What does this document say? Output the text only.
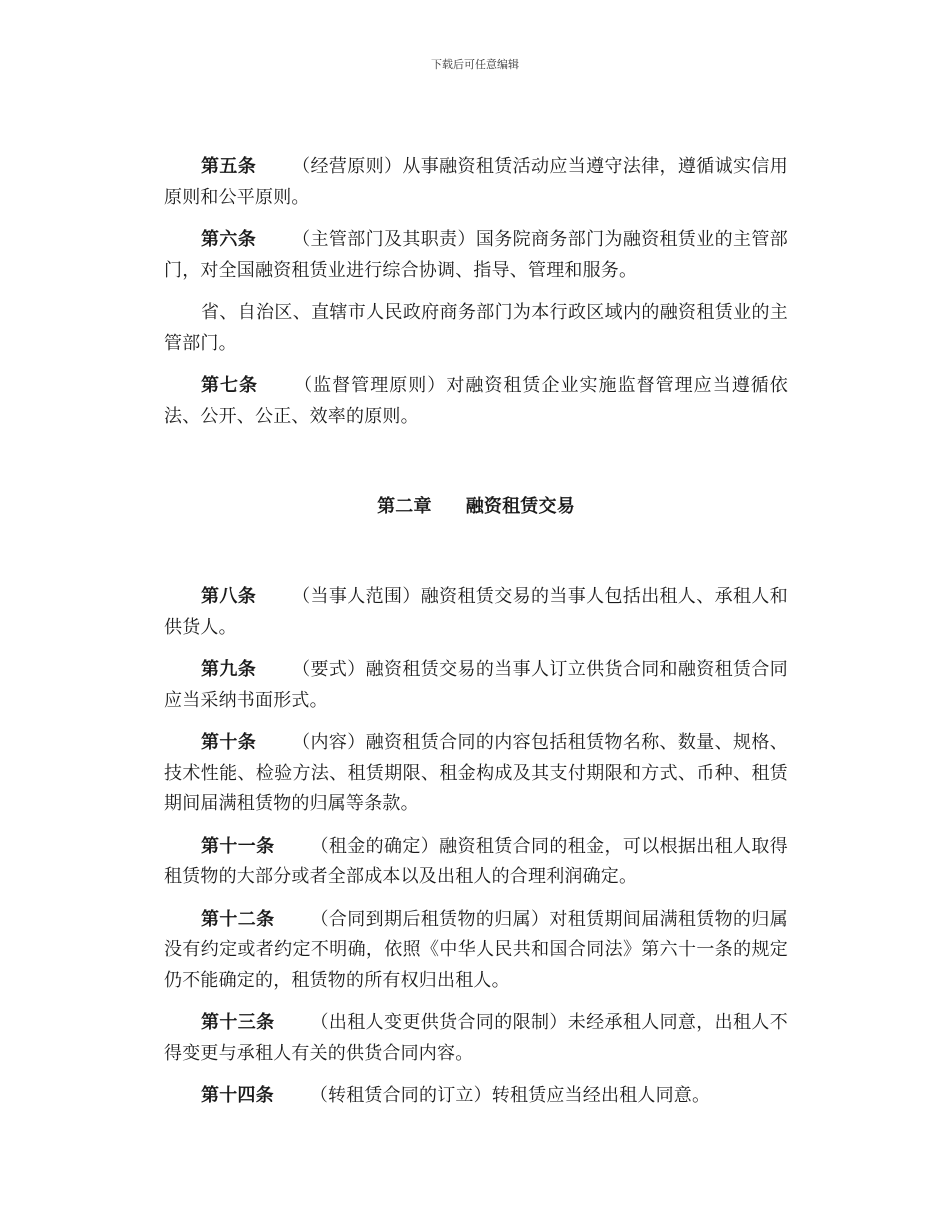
下载后可任意编辑

第五条 （经营原则）从事融资租赁活动应当遵守法律，遵循诚实信用原则和公平原则。

第六条 （主管部门及其职责）国务院商务部门为融资租赁业的主管部门，对全国融资租赁业进行综合协调、指导、管理和服务。

省、自治区、直辖市人民政府商务部门为本行政区域内的融资租赁业的主管部门。

第七条 （监督管理原则）对融资租赁企业实施监督管理应当遵循依法、公开、公正、效率的原则。

第二章 融资租赁交易

第八条 （当事人范围）融资租赁交易的当事人包括出租人、承租人和供货人。

第九条 （要式）融资租赁交易的当事人订立供货合同和融资租赁合同应当采纳书面形式。

第十条 （内容）融资租赁合同的内容包括租赁物名称、数量、规格、技术性能、检验方法、租赁期限、租金构成及其支付期限和方式、币种、租赁期间届满租赁物的归属等条款。

第十一条 （租金的确定）融资租赁合同的租金，可以根据出租人取得租赁物的大部分或者全部成本以及出租人的合理利润确定。

第十二条 （合同到期后租赁物的归属）对租赁期间届满租赁物的归属没有约定或者约定不明确，依照《中华人民共和国合同法》第六十一条的规定仍不能确定的，租赁物的所有权归出租人。

第十三条 （出租人变更供货合同的限制）未经承租人同意，出租人不得变更与承租人有关的供货合同内容。

第十四条 （转租赁合同的订立）转租赁应当经出租人同意。
